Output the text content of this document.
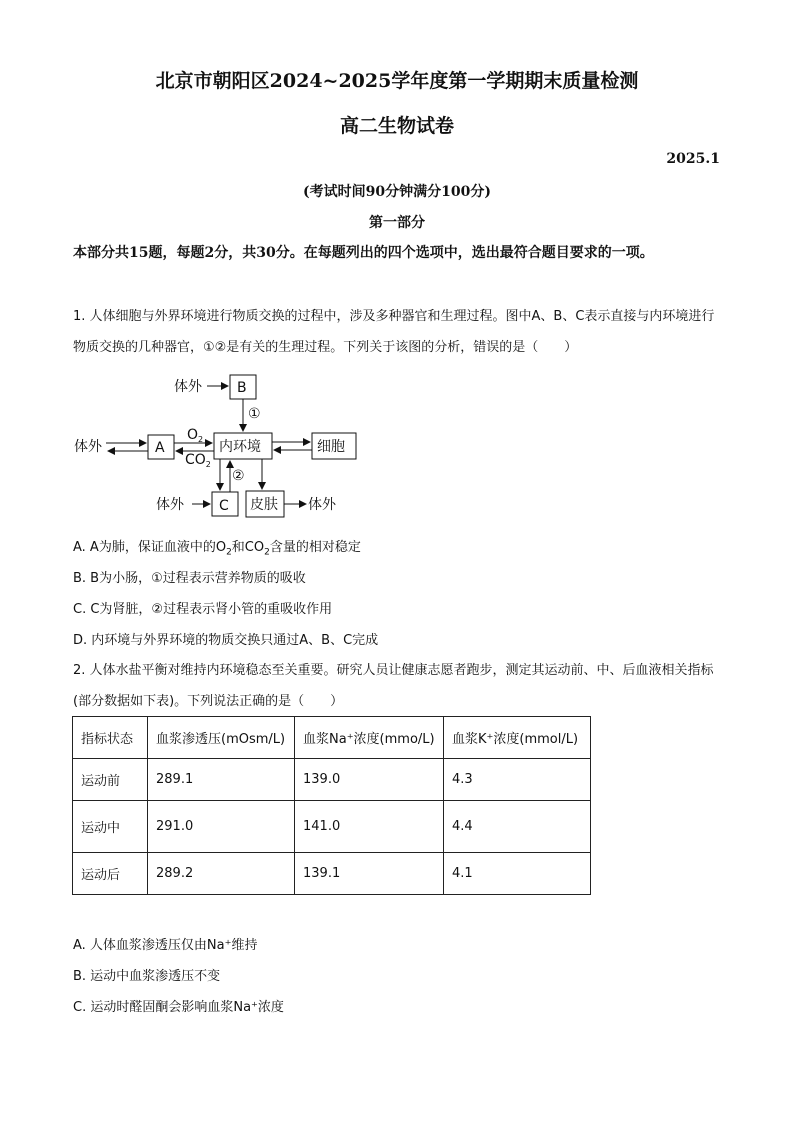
北京市朝阳区2024~2025学年度第一学期期末质量检测
高二生物试卷
2025.1
(考试时间90分钟满分100分)
第一部分
本部分共15题，每题2分，共30分。在每题列出的四个选项中，选出最符合题目要求的一项。
1. 人体细胞与外界环境进行物质交换的过程中，涉及多种器官和生理过程。图中A、B、C表示直接与内环境进行物质交换的几种器官，①②是有关的生理过程。下列关于该图的分析，错误的是（　　）
体外	B
①
体外	A
$O_2$
$CO_2$
内环境	细胞
②
体外	C 皮肤 体外
A. A为肺，保证血液中的$O_2$和$CO_2$含量的相对稳定
B. B为小肠，①过程表示营养物质的吸收
C. C为肾脏，②过程表示肾小管的重吸收作用
D. 内环境与外界环境的物质交换只通过A、B、C完成
2. 人体水盐平衡对维持内环境稳态至关重要。研究人员让健康志愿者跑步，测定其运动前、中、后血液相关指标(部分数据如下表)。下列说法正确的是（　　）
指标状态	血浆渗透压(mOsm/L)	血浆Na⁺浓度(mmo/L)	血浆K⁺浓度(mmol/L)
运动前	289.1	139.0	4.3
运动中	291.0	141.0	4.4
运动后	289.2	139.1	4.1
A. 人体血浆渗透压仅由Na⁺维持
B. 运动中血浆渗透压不变
C. 运动时醛固酮会影响血浆Na⁺浓度
